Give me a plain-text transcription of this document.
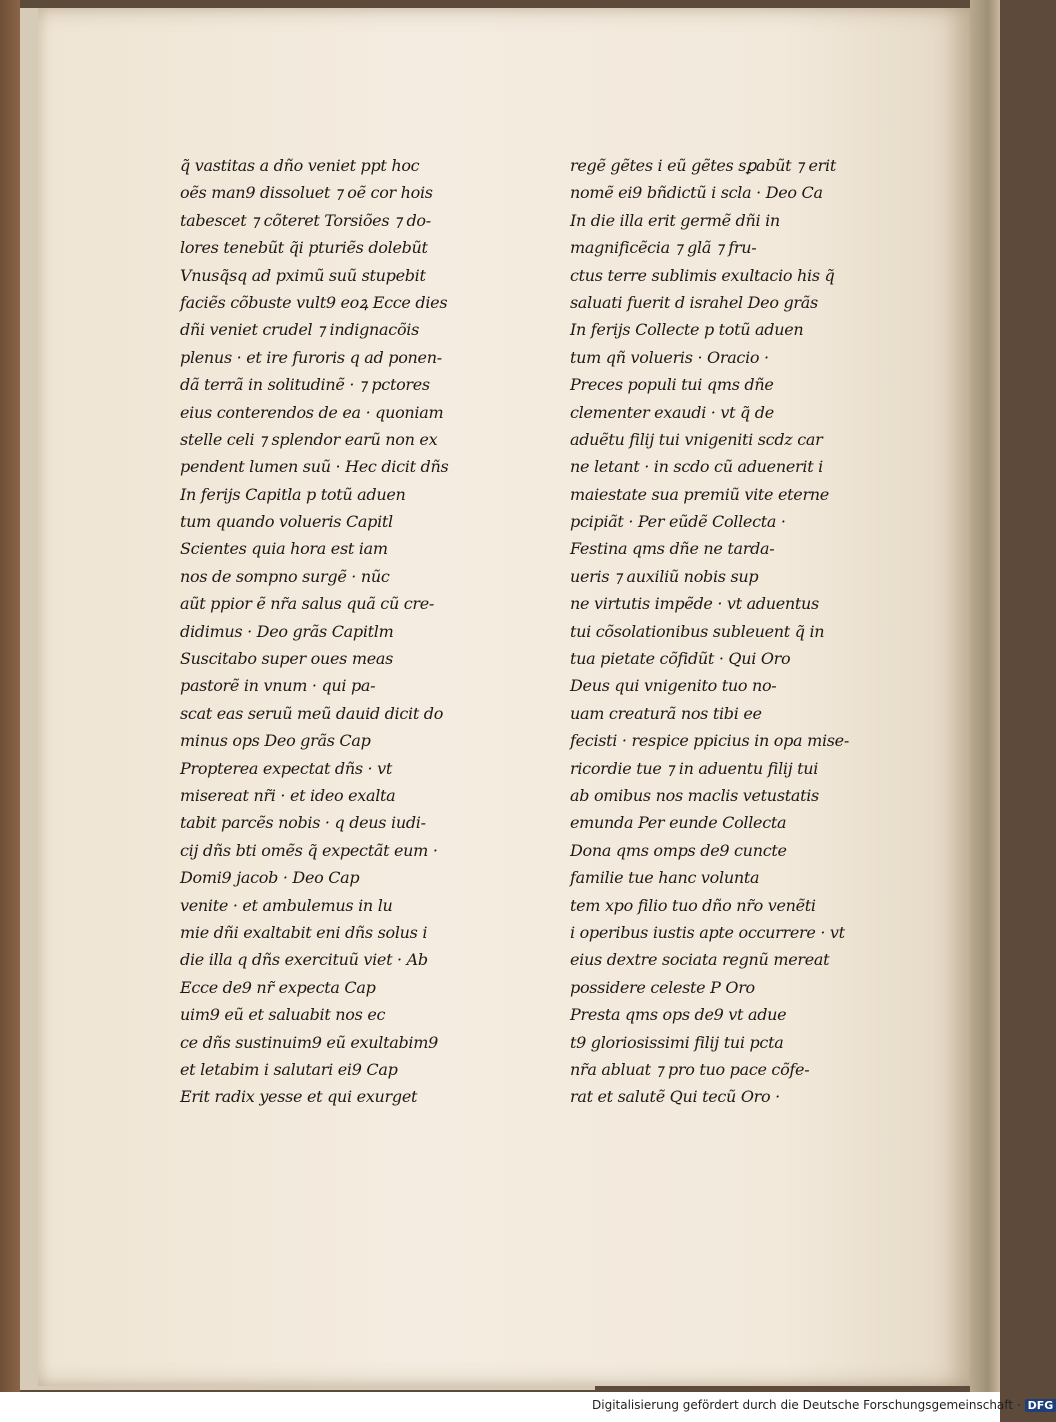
q̃ vastitas a dño veniet ppt hoc
oẽs man9 dissoluet ⁊ oẽ cor hois
tabescet ⁊ cõteret Torsiões ⁊ do-
lores tenebũt q̃i pturiẽs dolebũt
Vnusq̃sq ad pximũ suũ stupebit
faciẽs cõbuste vult9 eoꝝ Ecce dies
dñi veniet crudel ⁊ indignacõis
plenus · et ire furoris q ad ponen-
dã terrã in solitudinẽ · ⁊ pctores
eius conterendos de ea · quoniam
stelle celi ⁊ splendor earũ non ex
pendent lumen suũ · Hec dicit dñs
In ferijs Capitla p totũ aduen
tum quando volueris Capitl
Scientes quia hora est iam
nos de sompno surgẽ · nũc
aũt ppior ẽ nr̃a salus quã cũ cre-
didimus · Deo grãs Capitlm
Suscitabo super oues meas
pastorẽ in vnum · qui pa-
scat eas seruũ meũ dauid dicit do
minus ops Deo grãs Cap
Propterea expectat dñs · vt
misereat nr̃i · et ideo exalta
tabit parcẽs nobis · q deus iudi-
cij dñs bti omẽs q̃ expectãt eum ·
Domi9 jacob · Deo Cap
venite · et ambulemus in lu
mie dñi exaltabit eni dñs solus i
die illa q dñs exercituũ viet · Ab
Ecce de9 nr̃ expecta Cap
uim9 eũ et saluabit nos ec
ce dñs sustinuim9 eũ exultabim9
et letabim i salutari ei9 Cap
Erit radix yesse et qui exurget
regẽ gẽtes i eũ gẽtes sꝑabũt ⁊ erit
nomẽ ei9 bñdictũ i scla · Deo Ca
In die illa erit germẽ dñi in
magnificẽcia ⁊ glã ⁊ fru-
ctus terre sublimis exultacio his q̃
saluati fuerit d israhel Deo grãs
In ferijs Collecte p totũ aduen
tum qñ volueris · Oracio ·
Preces populi tui qms dñe
clementer exaudi · vt q̃ de
aduẽtu filij tui vnigeniti scdz car
ne letant · in scdo cũ aduenerit i
maiestate sua premiũ vite eterne
pcipiãt · Per eũdẽ Collecta ·
Festina qms dñe ne tarda-
ueris ⁊ auxiliũ nobis sup
ne virtutis impẽde · vt aduentus
tui cõsolationibus subleuent q̃ in
tua pietate cõfidũt · Qui Oro
Deus qui vnigenito tuo no-
uam creaturã nos tibi ee
fecisti · respice ppicius in opa mise-
ricordie tue ⁊ in aduentu filij tui
ab omibus nos maclis vetustatis
emunda Per eunde Collecta
Dona qms omps de9 cuncte
familie tue hanc volunta
tem xpo filio tuo dño nr̃o venẽti
i operibus iustis apte occurrere · vt
eius dextre sociata regnũ mereat
possidere celeste P Oro
Presta qms ops de9 vt adue
t9 gloriosissimi filij tui pcta
nr̃a abluat ⁊ pro tuo pace cõfe-
rat et salutẽ Qui tecũ Oro ·
Digitalisierung gefördert durch die Deutsche Forschungsgemeinschaft · DFG
